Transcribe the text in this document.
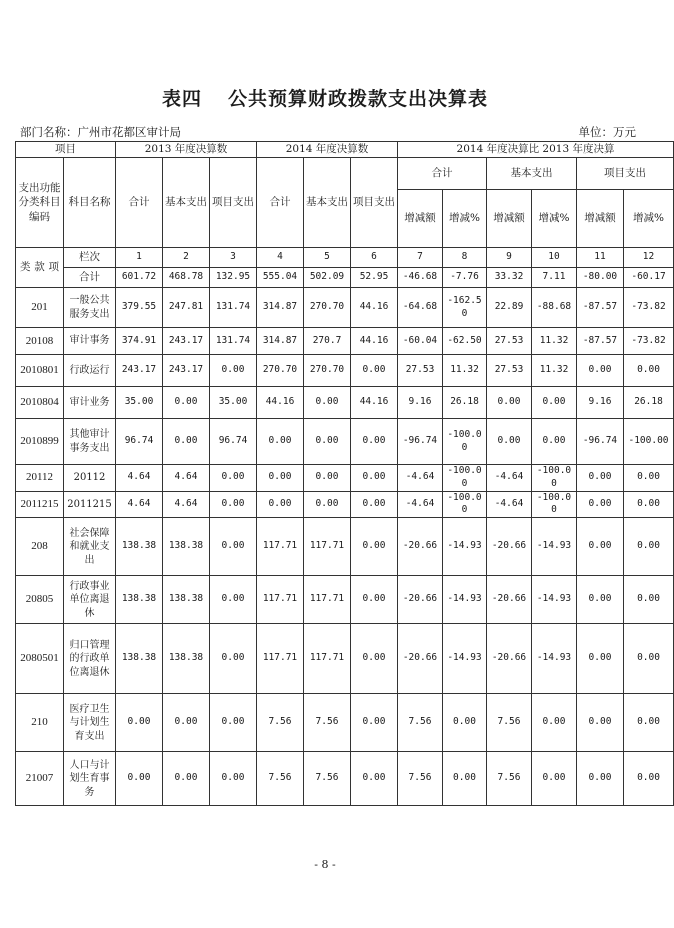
表四 公共预算财政拨款支出决算表
部门名称：广州市花都区审计局	单位：万元
项目		2013 年度决算数			2014 年度决算数			2014 年度决算比 2013 年度决算					
支出功能分类科目编码	科目名称	合计	基本支出	项目支出	合计	基本支出	项目支出	合计		基本支出		项目支出	
								增减额	增减%	增减额	增减%	增减额	增减%

类 款 项	栏次	1	2	3	4	5	6	7	8	9	10	11	12
	合计	601.72	468.78	132.95	555.04	502.09	52.95	-46.68	-7.76	33.32	7.11	-80.00	-60.17
201	一般公共服务支出	379.55	247.81	131.74	314.87	270.70	44.16	-64.68	-162.50	22.89	-88.68	-87.57	-73.82
20108	审计事务	374.91	243.17	131.74	314.87	270.7	44.16	-60.04	-62.50	27.53	11.32	-87.57	-73.82
2010801	行政运行	243.17	243.17	0.00	270.70	270.70	0.00	27.53	11.32	27.53	11.32	0.00	0.00
2010804	审计业务	35.00	0.00	35.00	44.16	0.00	44.16	9.16	26.18	0.00	0.00	9.16	26.18
2010899	其他审计事务支出	96.74	0.00	96.74	0.00	0.00	0.00	-96.74	-100.00	0.00	0.00	-96.74	-100.00
20112	20112	4.64	4.64	0.00	0.00	0.00	0.00	-4.64	-100.00	-4.64	-100.00	0.00	0.00
2011215	2011215	4.64	4.64	0.00	0.00	0.00	0.00	-4.64	-100.00	-4.64	-100.00	0.00	0.00
208	社会保障和就业支出	138.38	138.38	0.00	117.71	117.71	0.00	-20.66	-14.93	-20.66	-14.93	0.00	0.00
20805	行政事业单位离退休	138.38	138.38	0.00	117.71	117.71	0.00	-20.66	-14.93	-20.66	-14.93	0.00	0.00
2080501	归口管理的行政单位离退休	138.38	138.38	0.00	117.71	117.71	0.00	-20.66	-14.93	-20.66	-14.93	0.00	0.00
210	医疗卫生与计划生育支出	0.00	0.00	0.00	7.56	7.56	0.00	7.56	0.00	7.56	0.00	0.00	0.00
21007	人口与计划生育事务	0.00	0.00	0.00	7.56	7.56	0.00	7.56	0.00	7.56	0.00	0.00	0.00
- 8 -
